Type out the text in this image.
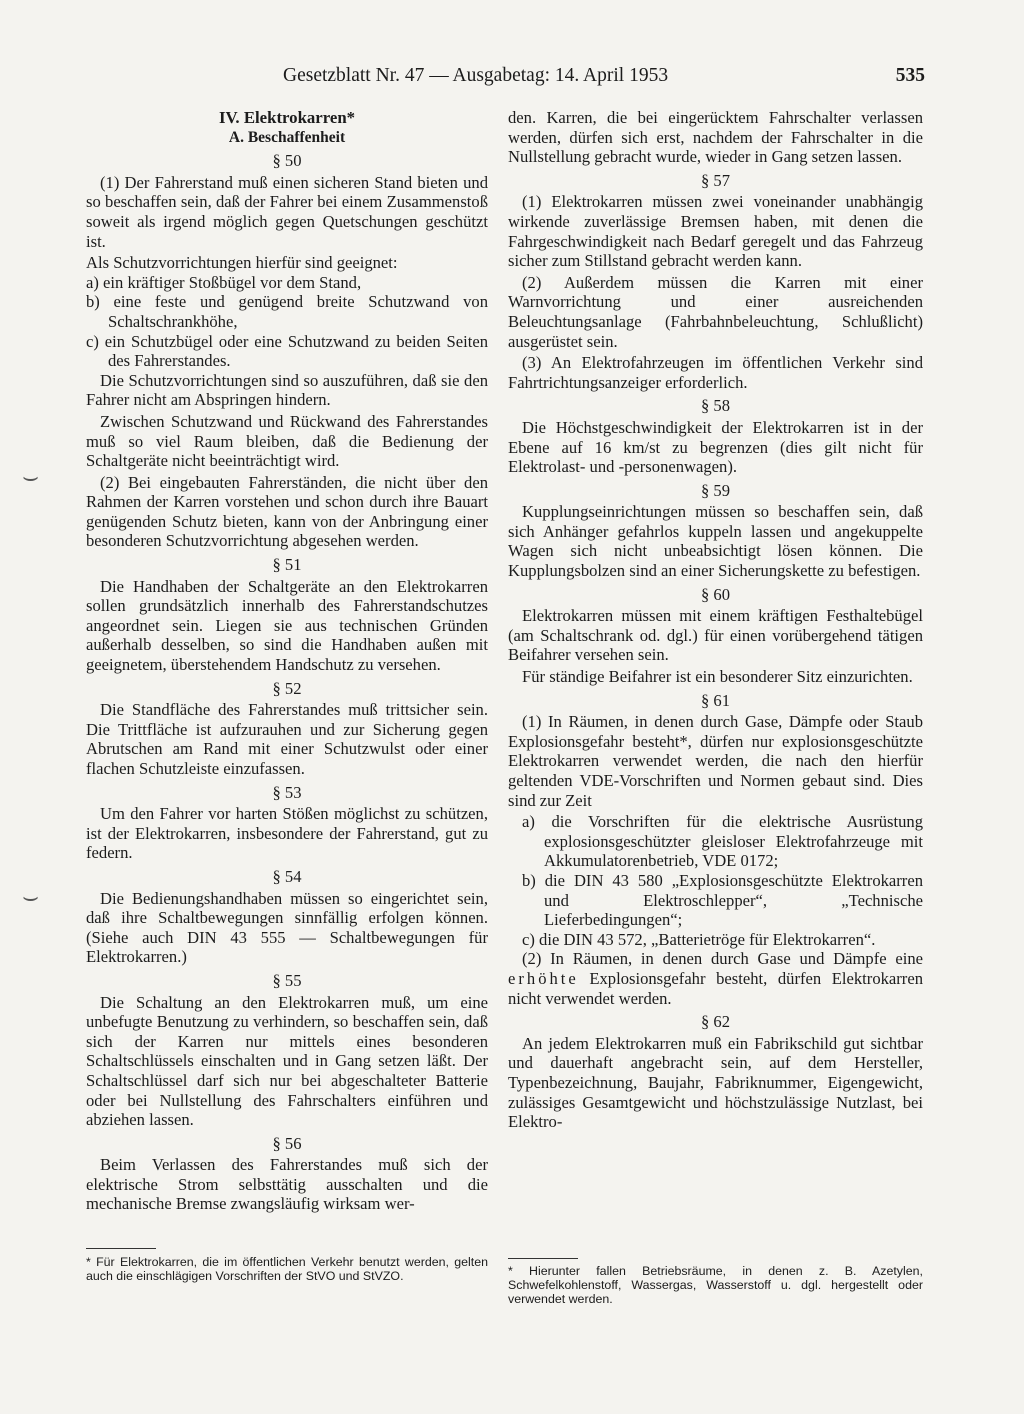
Gesetzblatt Nr. 47 — Ausgabetag: 14. April 1953	535

IV. Elektrokarren*

A. Beschaffenheit

§ 50

(1) Der Fahrerstand muß einen sicheren Stand bieten und so beschaffen sein, daß der Fahrer bei einem Zusammenstoß soweit als irgend möglich gegen Quetschungen geschützt ist.

Als Schutzvorrichtungen hierfür sind geeignet:

a) ein kräftiger Stoßbügel vor dem Stand,

b) eine feste und genügend breite Schutzwand von Schaltschrankhöhe,

c) ein Schutzbügel oder eine Schutzwand zu beiden Seiten des Fahrerstandes.

Die Schutzvorrichtungen sind so auszuführen, daß sie den Fahrer nicht am Abspringen hindern.

Zwischen Schutzwand und Rückwand des Fahrerstandes muß so viel Raum bleiben, daß die Bedienung der Schaltgeräte nicht beeinträchtigt wird.

(2) Bei eingebauten Fahrerständen, die nicht über den Rahmen der Karren vorstehen und schon durch ihre Bauart genügenden Schutz bieten, kann von der Anbringung einer besonderen Schutzvorrichtung abgesehen werden.

§ 51

Die Handhaben der Schaltgeräte an den Elektrokarren sollen grundsätzlich innerhalb des Fahrerstandschutzes angeordnet sein. Liegen sie aus technischen Gründen außerhalb desselben, so sind die Handhaben außen mit geeignetem, überstehendem Handschutz zu versehen.

§ 52

Die Standfläche des Fahrerstandes muß trittsicher sein. Die Trittfläche ist aufzurauhen und zur Sicherung gegen Abrutschen am Rand mit einer Schutzwulst oder einer flachen Schutzleiste einzufassen.

§ 53

Um den Fahrer vor harten Stößen möglichst zu schützen, ist der Elektrokarren, insbesondere der Fahrerstand, gut zu federn.

§ 54

Die Bedienungshandhaben müssen so eingerichtet sein, daß ihre Schaltbewegungen sinnfällig erfolgen können. (Siehe auch DIN 43 555 — Schaltbewegungen für Elektrokarren.)

§ 55

Die Schaltung an den Elektrokarren muß, um eine unbefugte Benutzung zu verhindern, so beschaffen sein, daß sich der Karren nur mittels eines besonderen Schaltschlüssels einschalten und in Gang setzen läßt. Der Schaltschlüssel darf sich nur bei abgeschalteter Batterie oder bei Nullstellung des Fahrschalters einführen und abziehen lassen.

§ 56

Beim Verlassen des Fahrerstandes muß sich der elektrische Strom selbsttätig ausschalten und die mechanische Bremse zwangsläufig wirksam wer-

* Für Elektrokarren, die im öffentlichen Verkehr benutzt werden, gelten auch die einschlägigen Vorschriften der StVO und StVZO.

den. Karren, die bei eingerücktem Fahrschalter verlassen werden, dürfen sich erst, nachdem der Fahrschalter in die Nullstellung gebracht wurde, wieder in Gang setzen lassen.

§ 57

(1) Elektrokarren müssen zwei voneinander unabhängig wirkende zuverlässige Bremsen haben, mit denen die Fahrgeschwindigkeit nach Bedarf geregelt und das Fahrzeug sicher zum Stillstand gebracht werden kann.

(2) Außerdem müssen die Karren mit einer Warnvorrichtung und einer ausreichenden Beleuchtungsanlage (Fahrbahnbeleuchtung, Schlußlicht) ausgerüstet sein.

(3) An Elektrofahrzeugen im öffentlichen Verkehr sind Fahrtrichtungsanzeiger erforderlich.

§ 58

Die Höchstgeschwindigkeit der Elektrokarren ist in der Ebene auf 16 km/st zu begrenzen (dies gilt nicht für Elektrolast- und -personenwagen).

§ 59

Kupplungseinrichtungen müssen so beschaffen sein, daß sich Anhänger gefahrlos kuppeln lassen und angekuppelte Wagen sich nicht unbeabsichtigt lösen können. Die Kupplungsbolzen sind an einer Sicherungskette zu befestigen.

§ 60

Elektrokarren müssen mit einem kräftigen Festhaltebügel (am Schaltschrank od. dgl.) für einen vorübergehend tätigen Beifahrer versehen sein.

Für ständige Beifahrer ist ein besonderer Sitz einzurichten.

§ 61

(1) In Räumen, in denen durch Gase, Dämpfe oder Staub Explosionsgefahr besteht*, dürfen nur explosionsgeschützte Elektrokarren verwendet werden, die nach den hierfür geltenden VDE-Vorschriften und Normen gebaut sind. Dies sind zur Zeit

a) die Vorschriften für die elektrische Ausrüstung explosionsgeschützter gleisloser Elektrofahrzeuge mit Akkumulatorenbetrieb, VDE 0172;

b) die DIN 43 580 „Explosionsgeschützte Elektrokarren und Elektroschlepper“, „Technische Lieferbedingungen“;

c) die DIN 43 572, „Batterietröge für Elektrokarren“.

(2) In Räumen, in denen durch Gase und Dämpfe eine erhöhte Explosionsgefahr besteht, dürfen Elektrokarren nicht verwendet werden.

§ 62

An jedem Elektrokarren muß ein Fabrikschild gut sichtbar und dauerhaft angebracht sein, auf dem Hersteller, Typenbezeichnung, Baujahr, Fabriknummer, Eigengewicht, zulässiges Gesamtgewicht und höchstzulässige Nutzlast, bei Elektro-

* Hierunter fallen Betriebsräume, in denen z. B. Azetylen, Schwefelkohlenstoff, Wassergas, Wasserstoff u. dgl. hergestellt oder verwendet werden.
⌣
⌣
